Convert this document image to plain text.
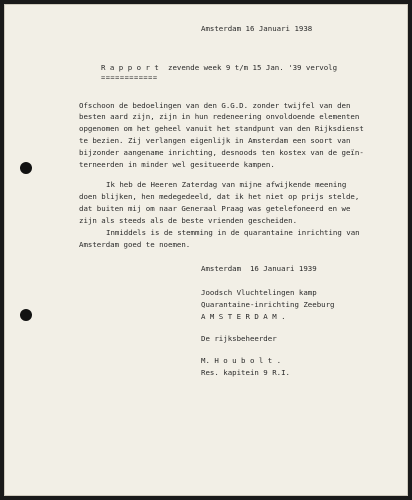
Amsterdam 16 Januari 1938
R a p p o r t zevende week 9 t/m 15 Jan. '39 vervolg
============
Ofschoon de bedoelingen van den G.G.D. zonder twijfel van den
besten aard zijn, zijn in hun redeneering onvoldoende elementen
opgenomen om het geheel vanuit het standpunt van den Rijksdienst
te bezien. Zij verlangen eigenlijk in Amsterdam een soort van
bijzonder aangename inrichting, desnoods ten kostex van de geïn-
terneerden in minder wel gesitueerde kampen.
Ik heb de Heeren Zaterdag van mijne afwijkende meening
doen blijken, hen medegedeeld, dat ik het niet op prijs stelde,
dat buiten mij om naar Generaal Praag was getelefoneerd en we
zijn als steeds als de beste vrienden gescheiden.
Inmiddels is de stemming in de quarantaine inrichting van
Amsterdam goed te noemen.
Amsterdam  16 Januari 1939
Joodsch Vluchtelingen kamp
Quarantaine-inrichting Zeeburg
A M S T E R D A M .
De rijksbeheerder
M. H o u b o l t .
Res. kapitein 9 R.I.
